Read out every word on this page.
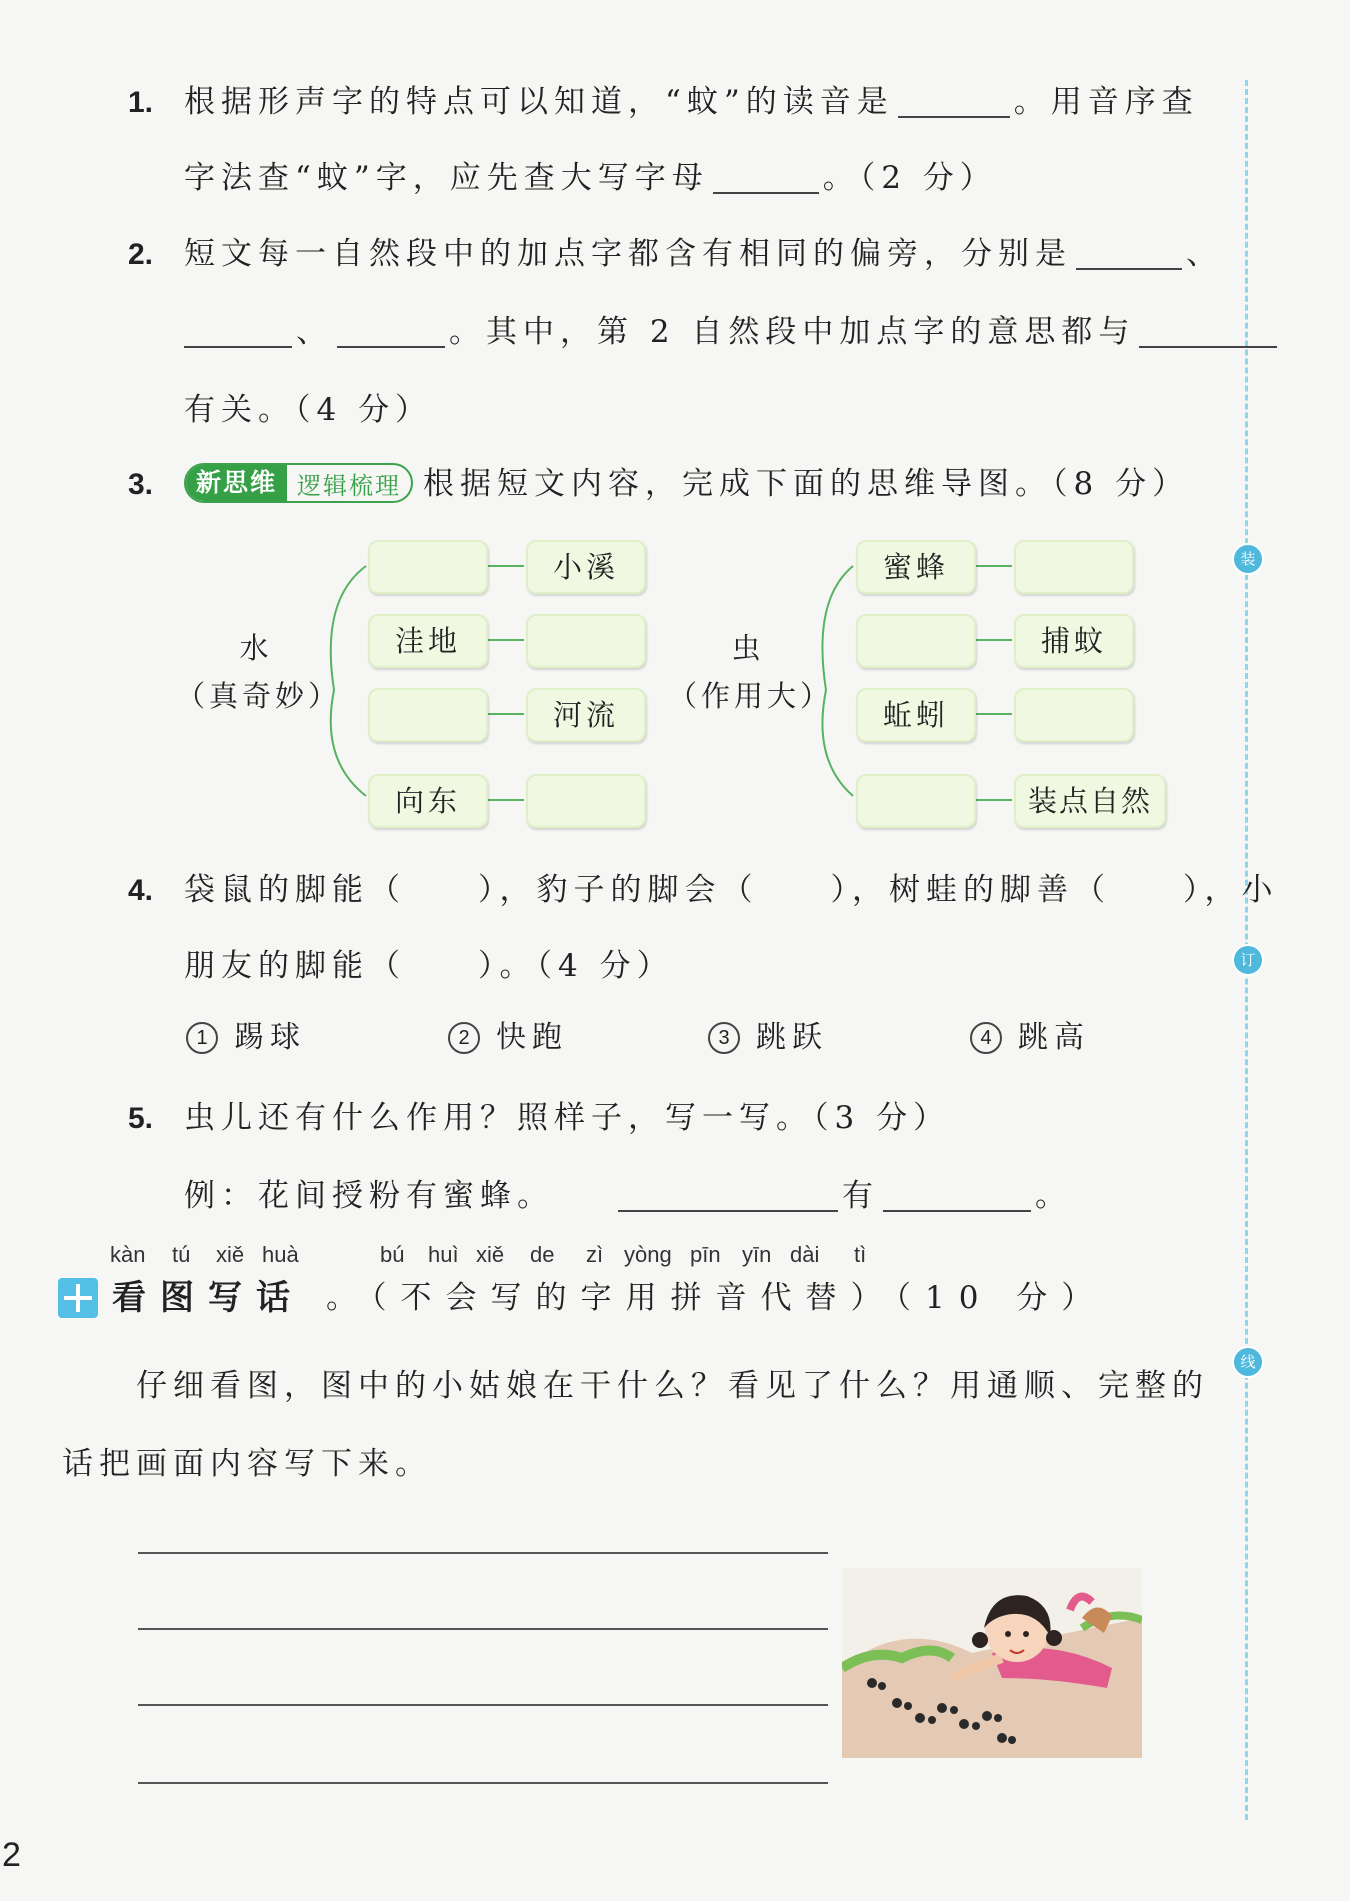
装
订
线
1. 根据形声字的特点可以知道，“蚊”的读音是	。用音序查
字法查“蚊”字，应先查大写字母	。（2 分）
2. 短文每一自然段中的加点字都含有相同的偏旁，分别是	、
、	。其中，第 2 自然段中加点字的意思都与
有关。（4 分）
3.	新思维 逻辑梳理 根据短文内容，完成下面的思维导图。（8 分）
水
（真奇妙）
虫
（作用大）
小溪
洼地
河流
向东
蜜蜂
捕蚊
蚯蚓
装点自然
4. 袋鼠的脚能（ ），豹子的脚会（ ），树蛙的脚善（ ），小
朋友的脚能（ ）。（4 分）
1 踢球	2 快跑	3 跳跃	4 跳高
5. 虫儿还有什么作用？照样子，写一写。（3 分）
例：花间授粉有蜜蜂。	有	。
kàn tú xiě huà	bú huì xiě de zì yòng pīn yīn dài tì
看图写话 。（不会写的字用拼音代替）（10 分）
仔细看图，图中的小姑娘在干什么？看见了什么？用通顺、完整的
话把画面内容写下来。
2
